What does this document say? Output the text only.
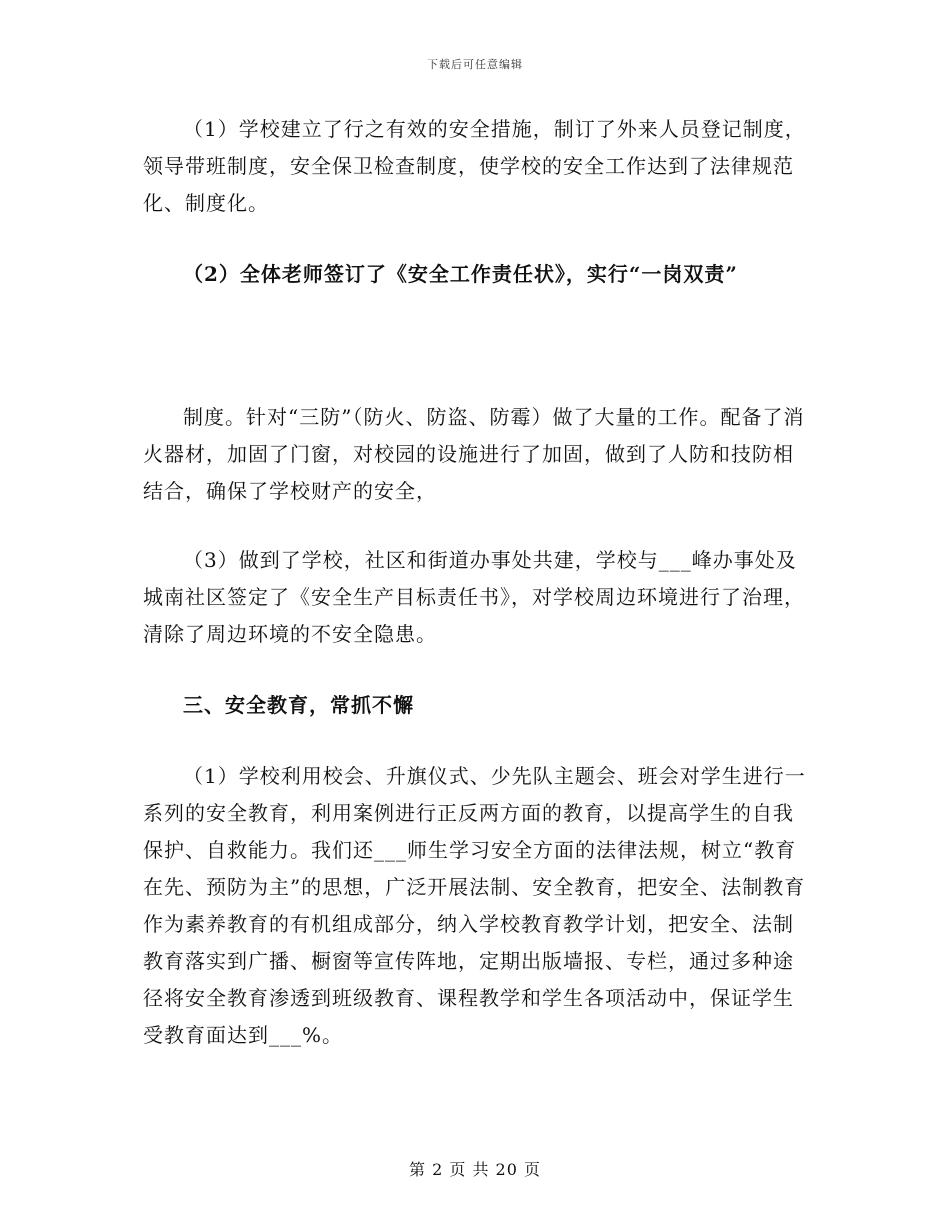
下载后可任意编辑

（1）学校建立了行之有效的安全措施，制订了外来人员登记制度，领导带班制度，安全保卫检查制度，使学校的安全工作达到了法律规范化、制度化。

（2）全体老师签订了《安全工作责任状》，实行“一岗双责”

制度。针对“三防”（防火、防盗、防霉）做了大量的工作。配备了消火器材，加固了门窗，对校园的设施进行了加固，做到了人防和技防相结合，确保了学校财产的安全，

（3）做到了学校，社区和街道办事处共建，学校与___峰办事处及城南社区签定了《安全生产目标责任书》，对学校周边环境进行了治理，清除了周边环境的不安全隐患。

三、安全教育，常抓不懈

（1）学校利用校会、升旗仪式、少先队主题会、班会对学生进行一系列的安全教育，利用案例进行正反两方面的教育，以提高学生的自我保护、自救能力。我们还___师生学习安全方面的法律法规，树立“教育在先、预防为主”的思想，广泛开展法制、安全教育，把安全、法制教育作为素养教育的有机组成部分，纳入学校教育教学计划，把安全、法制教育落实到广播、橱窗等宣传阵地，定期出版墙报、专栏，通过多种途径将安全教育渗透到班级教育、课程教学和学生各项活动中，保证学生受教育面达到___%。

第 2 页 共 20 页
